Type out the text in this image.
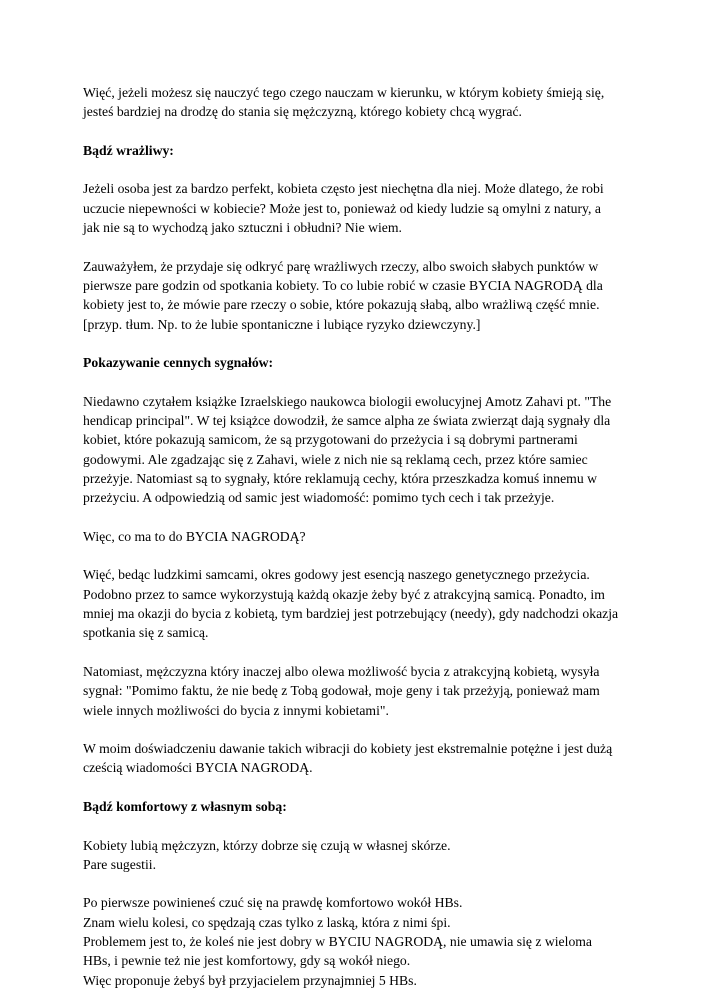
Więć, jeżeli możesz się nauczyć tego czego nauczam w kierunku, w którym kobiety śmieją się,
jesteś bardziej na drodzę do stania się mężczyzną, którego kobiety chcą wygrać.

Bądź wrażliwy:

Jeżeli osoba jest za bardzo perfekt, kobieta często jest niechętna dla niej. Może dlatego, że robi
uczucie niepewności w kobiecie? Może jest to, ponieważ od kiedy ludzie są omylni z natury, a
jak nie są to wychodzą jako sztuczni i obłudni? Nie wiem.

Zauważyłem, że przydaje się odkryć parę wrażliwych rzeczy, albo swoich słabych punktów w
pierwsze pare godzin od spotkania kobiety. To co lubie robić w czasie BYCIA NAGRODĄ dla
kobiety jest to, że mówie pare rzeczy o sobie, które pokazują słabą, albo wrażliwą część mnie.
[przyp. tłum. Np. to że lubie spontaniczne i lubiące ryzyko dziewczyny.]

Pokazywanie cennych sygnałów:

Niedawno czytałem książke Izraelskiego naukowca biologii ewolucyjnej Amotz Zahavi pt. "The
hendicap principal". W tej książce dowodził, że samce alpha ze świata zwierząt dają sygnały dla
kobiet, które pokazują samicom, że są przygotowani do przeżycia i są dobrymi partnerami
godowymi. Ale zgadzając się z Zahavi, wiele z nich nie są reklamą cech, przez które samiec
przeżyje. Natomiast są to sygnały, które reklamują cechy, która przeszkadza komuś innemu w
przeżyciu. A odpowiedzią od samic jest wiadomość: pomimo tych cech i tak przeżyje.

Więc, co ma to do BYCIA NAGRODĄ?

Więć, bedąc ludzkimi samcami, okres godowy jest esencją naszego genetycznego przeżycia.
Podobno przez to samce wykorzystują każdą okazje żeby być z atrakcyjną samicą. Ponadto, im
mniej ma okazji do bycia z kobietą, tym bardziej jest potrzebujący (needy), gdy nadchodzi okazja
spotkania się z samicą.

Natomiast, mężczyzna który inaczej albo olewa możliwość bycia z atrakcyjną kobietą, wysyła
sygnał: "Pomimo faktu, że nie bedę z Tobą godował, moje geny i tak przeżyją, ponieważ mam
wiele innych możliwości do bycia z innymi kobietami".

W moim doświadczeniu dawanie takich wibracji do kobiety jest ekstremalnie potężne i jest dużą
cześcią wiadomości BYCIA NAGRODĄ.

Bądź komfortowy z własnym sobą:

Kobiety lubią mężczyzn, którzy dobrze się czują w własnej skórze.
Pare sugestii.

Po pierwsze powinieneś czuć się na prawdę komfortowo wokół HBs.
Znam wielu kolesi, co spędzają czas tylko z laską, która z nimi śpi.
Problemem jest to, że koleś nie jest dobry w BYCIU NAGRODĄ, nie umawia się z wieloma
HBs, i pewnie też nie jest komfortowy, gdy są wokół niego.
Więc proponuje żebyś był przyjacielem przynajmniej 5 HBs.
